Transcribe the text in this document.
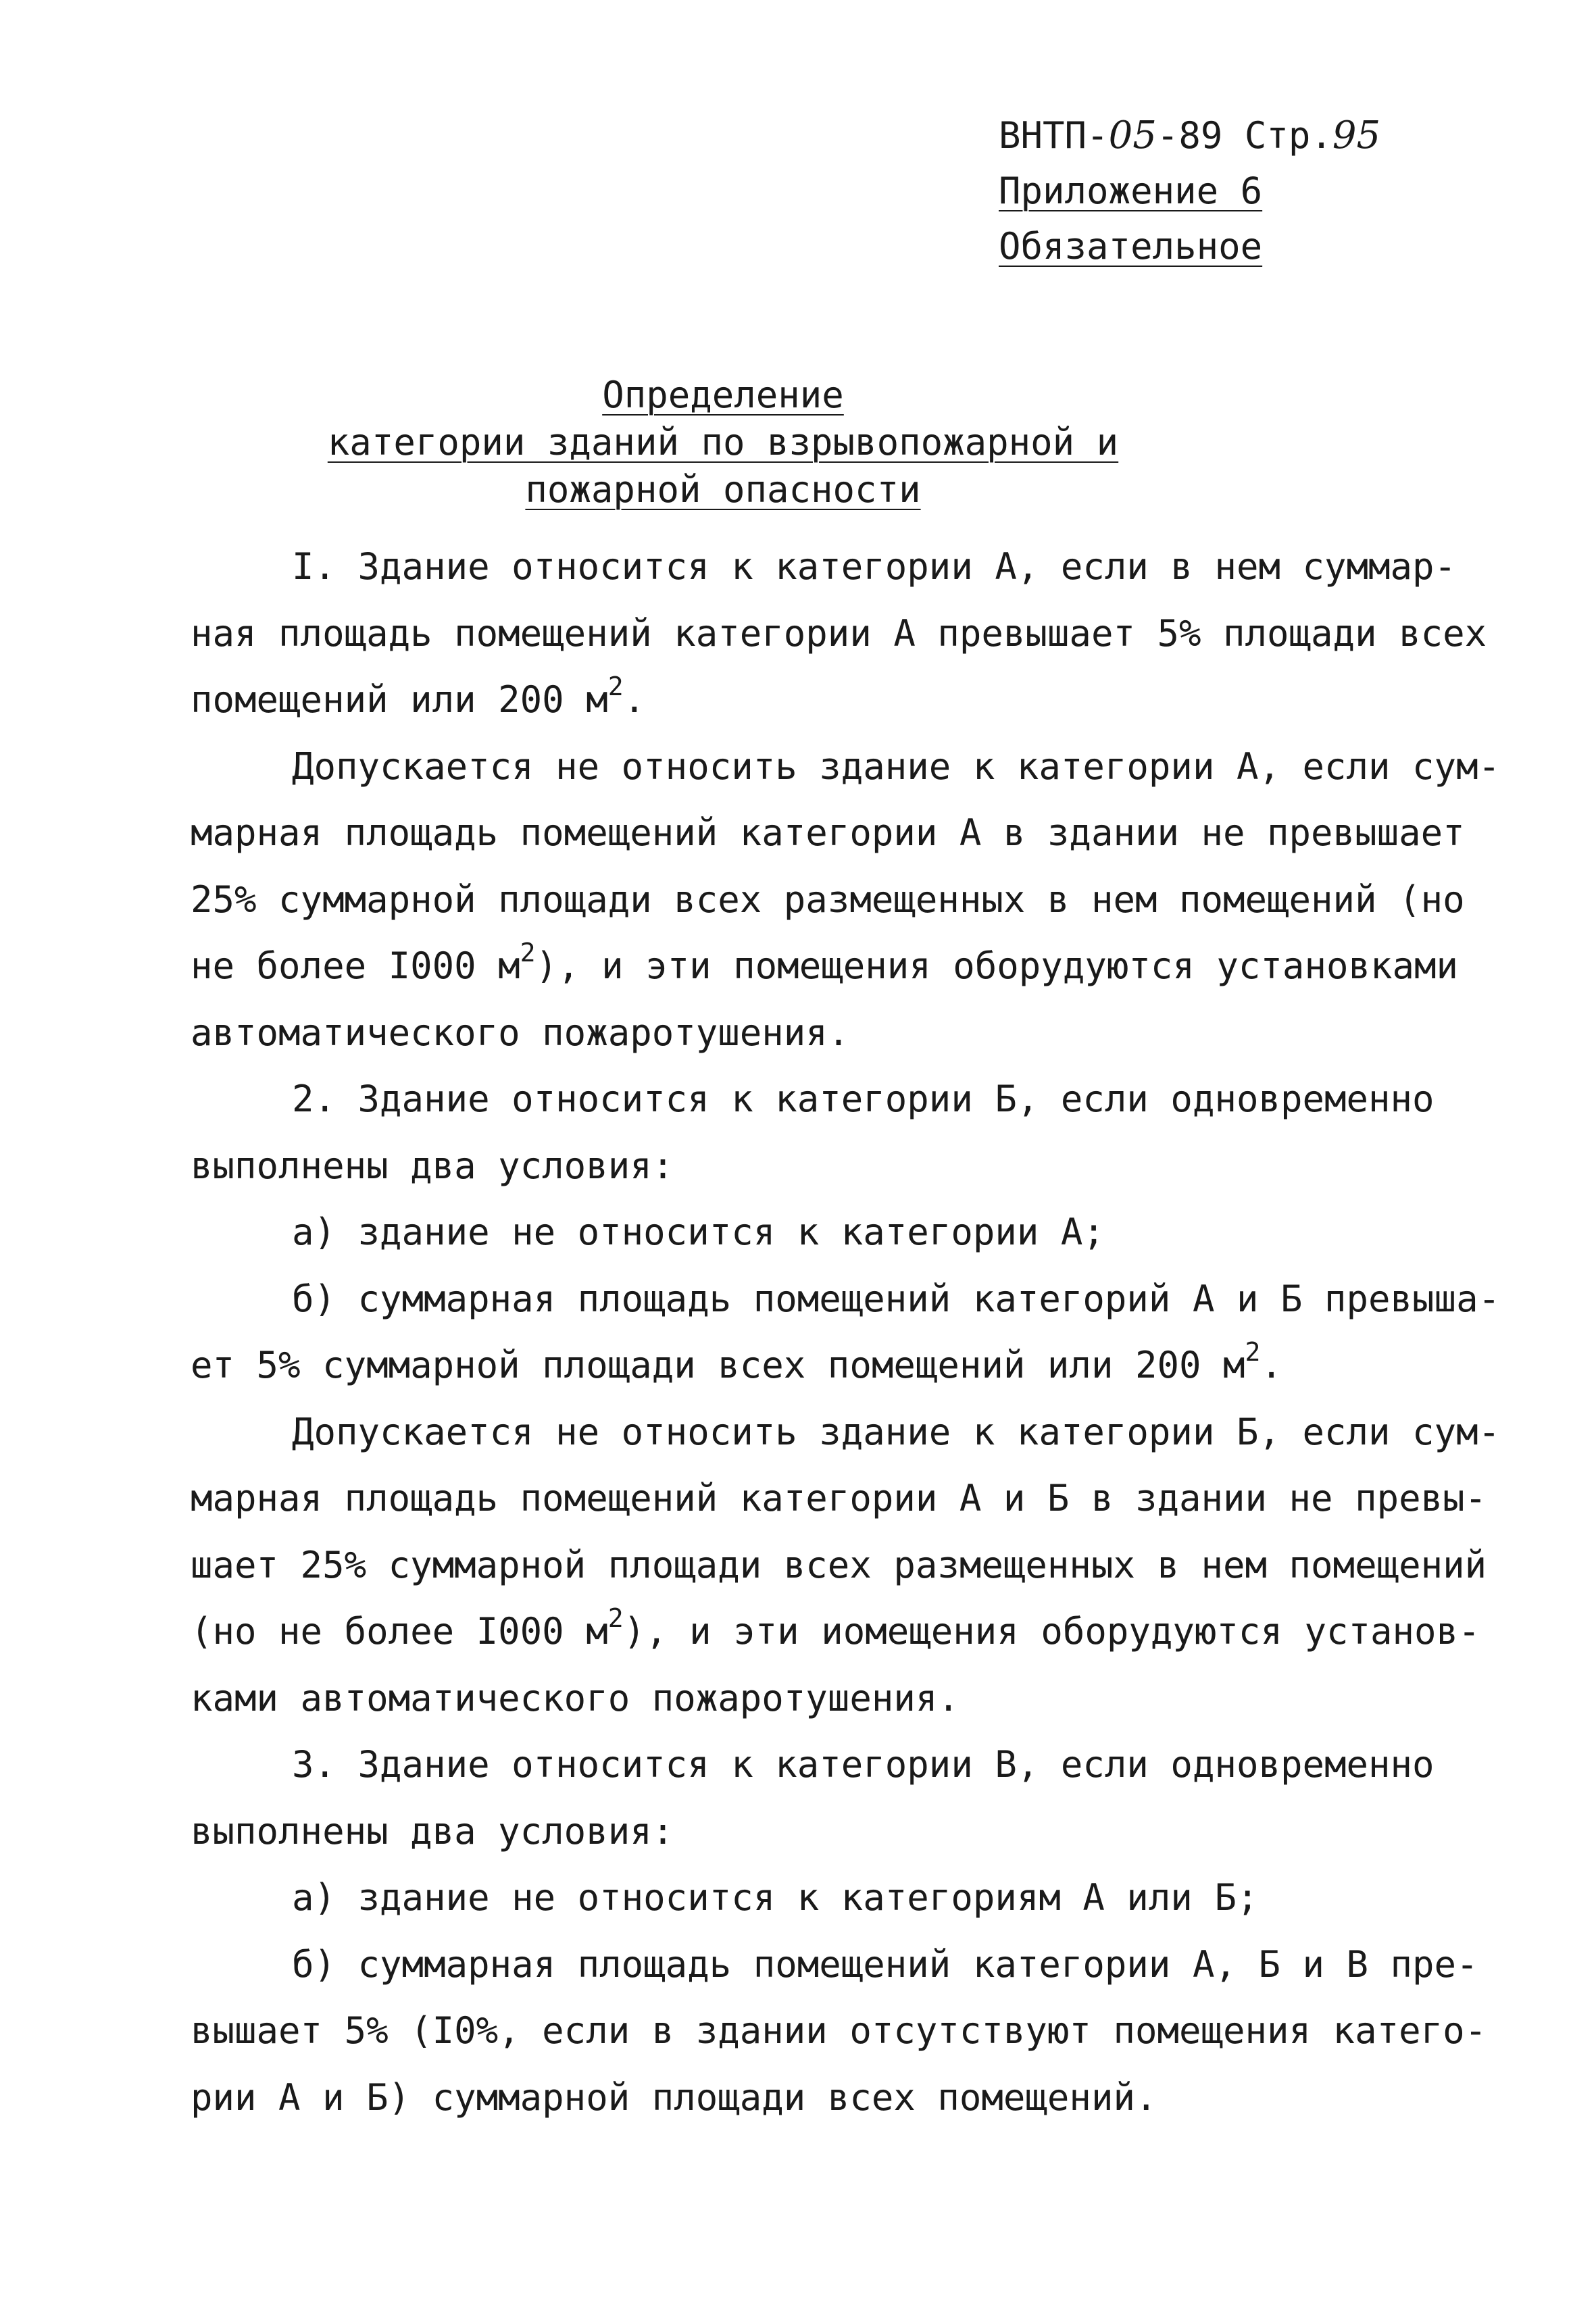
ВНТП-05-89 Стр.95
Приложение 6
Обязательное
Определение
категории зданий по взрывопожарной и
пожарной опасности
I. Здание относится к категории А, если в нем суммар-
ная площадь помещений категории А превышает 5% площади всех
помещений или 200 $м^2$.
Допускается не относить здание к категории А, если сум-
марная площадь помещений категории А в здании не превышает
25% суммарной площади всех размещенных в нем помещений (но
не более I000 $м^2$), и эти помещения оборудуются установками
автоматического пожаротушения.
2. Здание относится к категории Б, если одновременно
выполнены два условия:
а) здание не относится к категории А;
б) суммарная площадь помещений категорий А и Б превыша-
ет 5% суммарной площади всех помещений или 200 $м^2$.
Допускается не относить здание к категории Б, если сум-
марная площадь помещений категории А и Б в здании не превы-
шает 25% суммарной площади всех размещенных в нем помещений
(но не более I000 $м^2$), и эти иомещения оборудуются установ-
ками автоматического пожаротушения.
3. Здание относится к категории В, если одновременно
выполнены два условия:
а) здание не относится к категориям А или Б;
б) суммарная площадь помещений категории А, Б и В пре-
вышает 5% (I0%, если в здании отсутствуют помещения катего-
рии А и Б) суммарной площади всех помещений.
